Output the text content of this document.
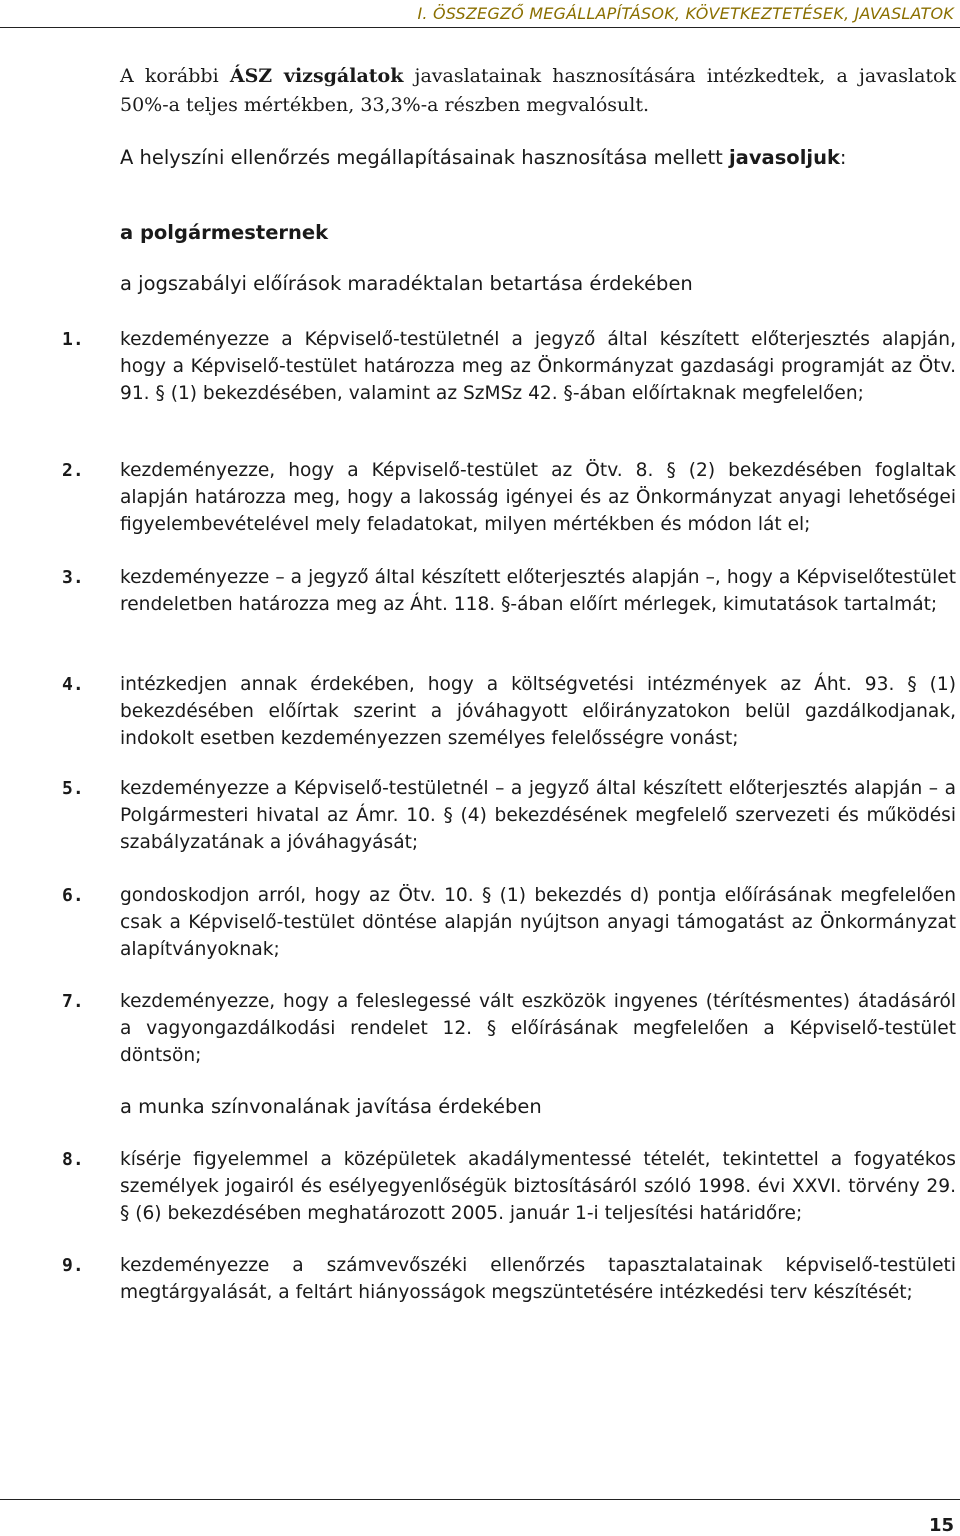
I. ÖSSZEGZŐ MEGÁLLAPÍTÁSOK, KÖVETKEZTETÉSEK, JAVASLATOK

A korábbi ÁSZ vizsgálatok javaslatainak hasznosítására intézkedtek, a javaslatok 50%-a teljes mértékben, 33,3%-a részben megvalósult.

A helyszíni ellenőrzés megállapításainak hasznosítása mellett javasoljuk:

a polgármesternek

a jogszabályi előírások maradéktalan betartása érdekében

1. kezdeményezze a Képviselő-testületnél a jegyző által készített előterjesztés alapján, hogy a Képviselő-testület határozza meg az Önkormányzat gazdasági programját az Ötv. 91. § (1) bekezdésében, valamint az SzMSz 42. §-ában előírtaknak megfelelően;
2. kezdeményezze, hogy a Képviselő-testület az Ötv. 8. § (2) bekezdésében foglaltak alapján határozza meg, hogy a lakosság igényei és az Önkormányzat anyagi lehetőségei figyelembevételével mely feladatokat, milyen mértékben és módon lát el;
3. kezdeményezze – a jegyző által készített előterjesztés alapján –, hogy a Képviselőtestület rendeletben határozza meg az Áht. 118. §-ában előírt mérlegek, kimutatások tartalmát;
4. intézkedjen annak érdekében, hogy a költségvetési intézmények az Áht. 93. § (1) bekezdésében előírtak szerint a jóváhagyott előirányzatokon belül gazdálkodjanak, indokolt esetben kezdeményezzen személyes felelősségre vonást;
5. kezdeményezze a Képviselő-testületnél – a jegyző által készített előterjesztés alapján – a Polgármesteri hivatal az Ámr. 10. § (4) bekezdésének megfelelő szervezeti és működési szabályzatának a jóváhagyását;
6. gondoskodjon arról, hogy az Ötv. 10. § (1) bekezdés d) pontja előírásának megfelelően csak a Képviselő-testület döntése alapján nyújtson anyagi támogatást az Önkormányzat alapítványoknak;
7. kezdeményezze, hogy a feleslegessé vált eszközök ingyenes (térítésmentes) átadásáról a vagyongazdálkodási rendelet 12. § előírásának megfelelően a Képviselő-testület döntsön;

a munka színvonalának javítása érdekében

8. kísérje figyelemmel a középületek akadálymentessé tételét, tekintettel a fogyatékos személyek jogairól és esélyegyenlőségük biztosításáról szóló 1998. évi XXVI. törvény 29. § (6) bekezdésében meghatározott 2005. január 1-i teljesítési határidőre;
9. kezdeményezze a számvevőszéki ellenőrzés tapasztalatainak képviselő-testületi megtárgyalását, a feltárt hiányosságok megszüntetésére intézkedési terv készítését;
15
